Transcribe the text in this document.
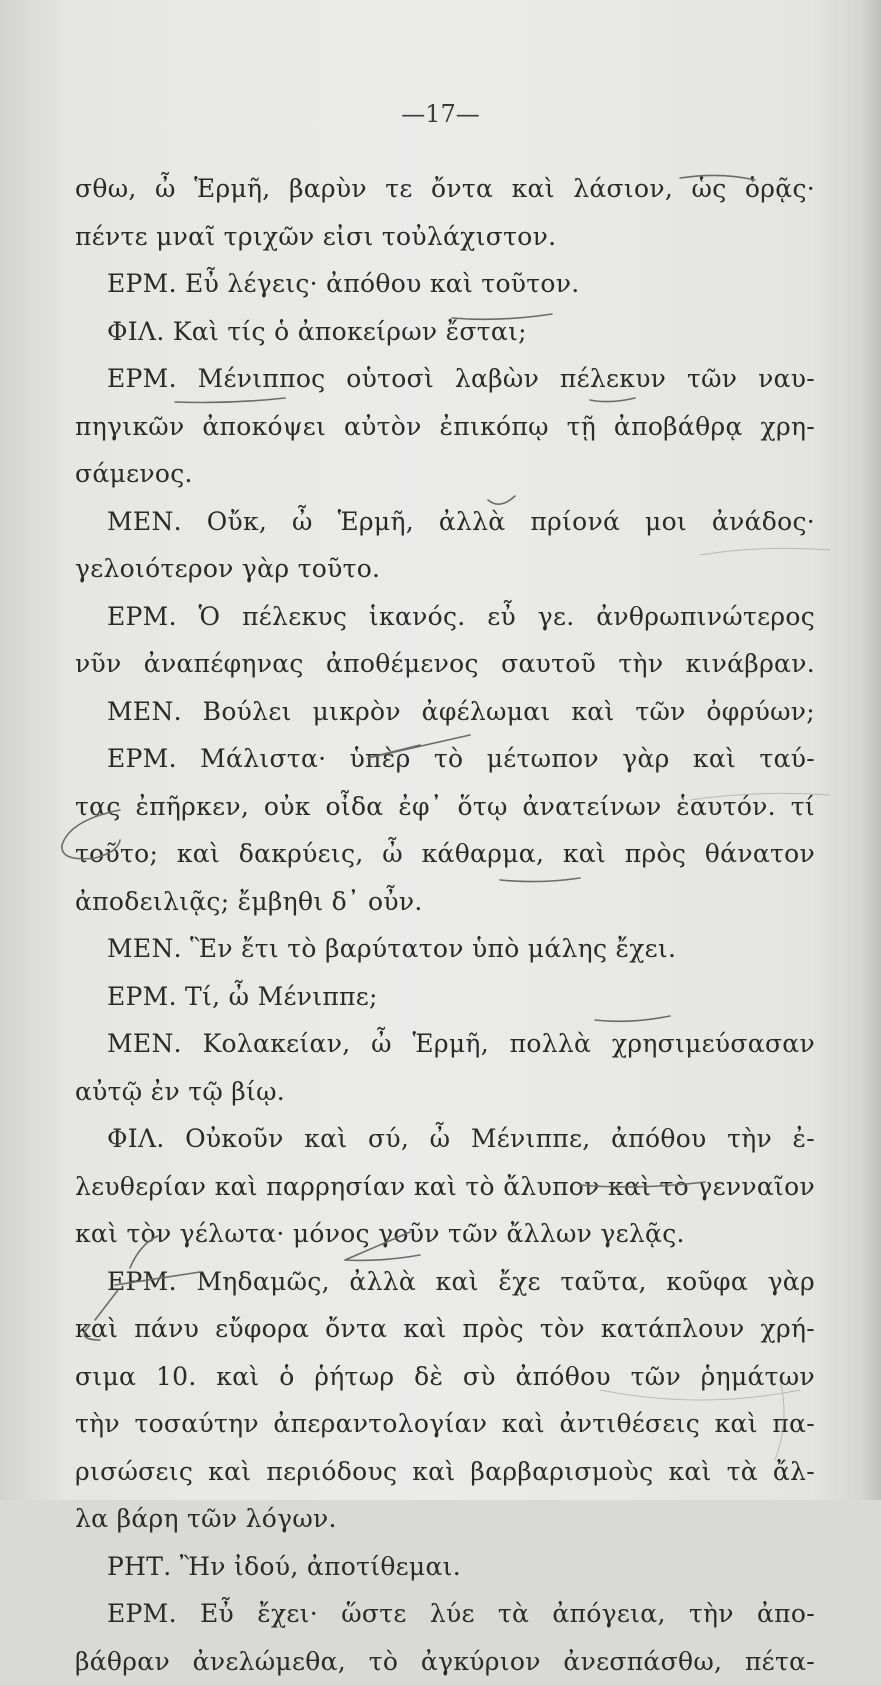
—17—
σθω, ὦ Ἑρμῆ, βαρὺν τε ὄντα καὶ λάσιον, ὡς ὁρᾷς·
πέντε μναῖ τριχῶν εἰσι τοὐλάχιστον.
ΕΡΜ. Εὖ λέγεις· ἀπόθου καὶ τοῦτον.
ΦΙΛ. Καὶ τίς ὁ ἀποκείρων ἔσται;
ΕΡΜ. Μένιππος οὑτοσὶ λαβὼν πέλεκυν τῶν ναυ-
πηγικῶν ἀποκόψει αὐτὸν ἐπικόπῳ τῇ ἀποβάθρᾳ χρη-
σάμενος.
ΜΕΝ. Οὔκ, ὦ Ἑρμῆ, ἀλλὰ πρίονά μοι ἀνάδος·
γελοιότερον γὰρ τοῦτο.
ΕΡΜ. Ὁ πέλεκυς ἱκανός. εὖ γε. ἀνθρωπινώτερος
νῦν ἀναπέφηνας ἀποθέμενος σαυτοῦ τὴν κινάβραν.
ΜΕΝ. Βούλει μικρὸν ἀφέλωμαι καὶ τῶν ὀφρύων;
ΕΡΜ. Μάλιστα· ὑπὲρ τὸ μέτωπον γὰρ καὶ ταύ-
τας ἐπῆρκεν, οὐκ οἶδα ἐφ᾽ ὅτῳ ἀνατείνων ἑαυτόν. τί
τοῦτο; καὶ δακρύεις, ὦ κάθαρμα, καὶ πρὸς θάνατον
ἀποδειλιᾷς; ἔμβηθι δ᾽ οὖν.
ΜΕΝ. Ἓν ἔτι τὸ βαρύτατον ὑπὸ μάλης ἔχει.
ΕΡΜ. Τί, ὦ Μένιππε;
ΜΕΝ. Κολακείαν, ὦ Ἑρμῆ, πολλὰ χρησιμεύσασαν
αὐτῷ ἐν τῷ βίῳ.
ΦΙΛ. Οὐκοῦν καὶ σύ, ὦ Μένιππε, ἀπόθου τὴν ἐ-
λευθερίαν καὶ παρρησίαν καὶ τὸ ἄλυπον καὶ τὸ γενναῖον
καὶ τὸν γέλωτα· μόνος γοῦν τῶν ἄλλων γελᾷς.
ΕΡΜ. Μηδαμῶς, ἀλλὰ καὶ ἔχε ταῦτα, κοῦφα γὰρ
καὶ πάνυ εὔφορα ὄντα καὶ πρὸς τὸν κατάπλουν χρή-
σιμα 10. καὶ ὁ ῥήτωρ δὲ σὺ ἀπόθου τῶν ῥημάτων
τὴν τοσαύτην ἀπεραντολογίαν καὶ ἀντιθέσεις καὶ πα-
ρισώσεις καὶ περιόδους καὶ βαρβαρισμοὺς καὶ τὰ ἄλ-
λα βάρη τῶν λόγων.
ΡΗΤ. Ἢν ἰδού, ἀποτίθεμαι.
ΕΡΜ. Εὖ ἔχει· ὥστε λύε τὰ ἀπόγεια, τὴν ἀπο-
βάθραν ἀνελώμεθα, τὸ ἀγκύριον ἀνεσπάσθω, πέτα-
